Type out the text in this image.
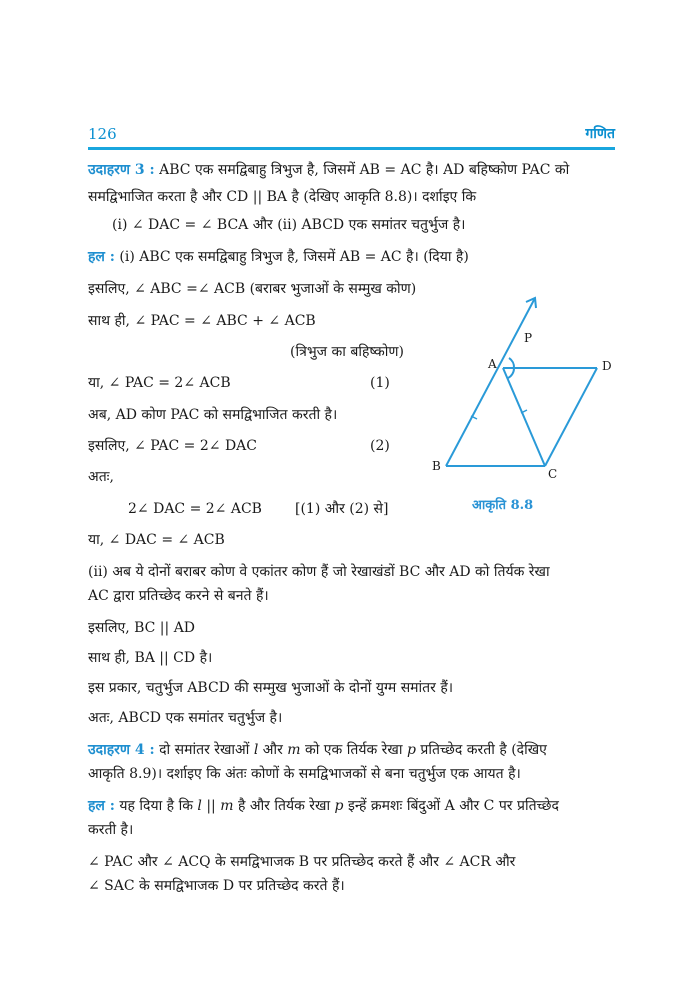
126	गणित
उदाहरण 3 : ABC एक समद्विबाहु त्रिभुज है, जिसमें AB = AC है। AD बहिष्कोण PAC को
समद्विभाजित करता है और CD || BA है (देखिए आकृति 8.8)। दर्शाइए कि
(i) ∠ DAC = ∠ BCA और (ii) ABCD एक समांतर चतुर्भुज है।
हल : (i) ABC एक समद्विबाहु त्रिभुज है, जिसमें AB = AC है। (दिया है)
इसलिए, ∠ ABC =∠ ACB (बराबर भुजाओं के सम्मुख कोण)
साथ ही, ∠ PAC = ∠ ABC + ∠ ACB
(त्रिभुज का बहिष्कोण)
या, ∠ PAC = 2∠ ACB	(1)
अब, AD कोण PAC को समद्विभाजित करती है।
इसलिए, ∠ PAC = 2∠ DAC	(2)
अतः,
2∠ DAC = 2∠ ACB [(1) और (2) से]
या, ∠ DAC = ∠ ACB
(ii) अब ये दोनों बराबर कोण वे एकांतर कोण हैं जो रेखाखंडों BC और AD को तिर्यक रेखा
AC द्वारा प्रतिच्छेद करने से बनते हैं।
इसलिए, BC || AD
साथ ही, BA || CD है।
इस प्रकार, चतुर्भुज ABCD की सम्मुख भुजाओं के दोनों युग्म समांतर हैं।
अतः, ABCD एक समांतर चतुर्भुज है।
उदाहरण 4 : दो समांतर रेखाओं l और m को एक तिर्यक रेखा p प्रतिच्छेद करती है (देखिए
आकृति 8.9)। दर्शाइए कि अंतः कोणों के समद्विभाजकों से बना चतुर्भुज एक आयत है।
हल : यह दिया है कि l || m है और तिर्यक रेखा p इन्हें क्रमशः बिंदुओं A और C पर प्रतिच्छेद
करती है।
∠ PAC और ∠ ACQ के समद्विभाजक B पर प्रतिच्छेद करते हैं और ∠ ACR और
∠ SAC के समद्विभाजक D पर प्रतिच्छेद करते हैं।
P
A	D
B
C
आकृति 8.8
